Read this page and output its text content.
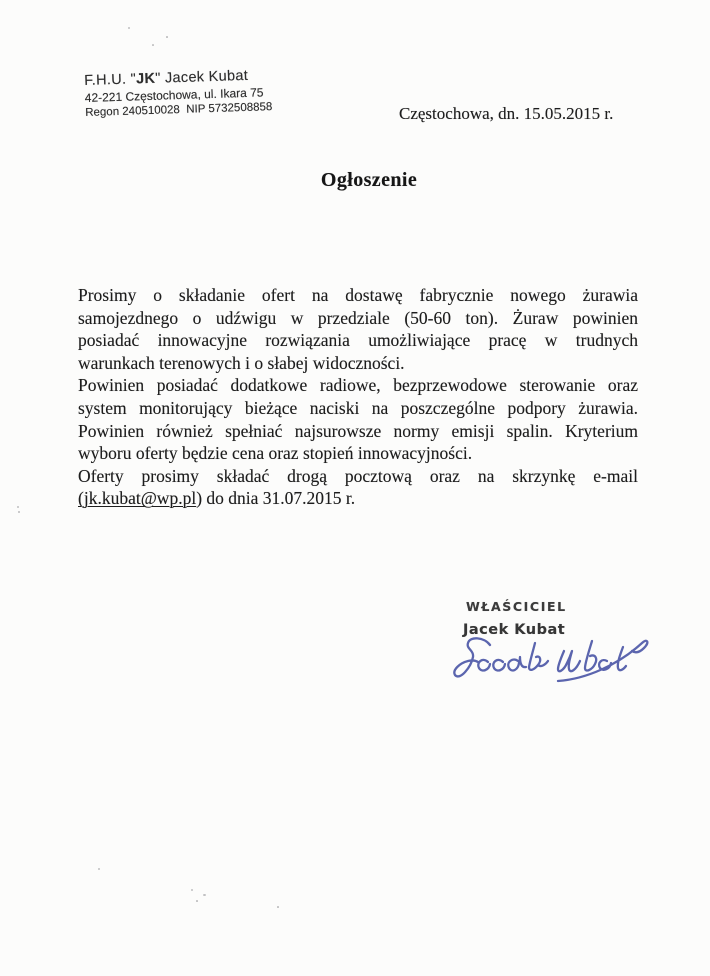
F.H.U. "JK" Jacek Kubat
42-221 Częstochowa, ul. Ikara 75
Regon 240510028  NIP 5732508858	Częstochowa, dn. 15.05.2015 r.
Ogłoszenie
Prosimy o składanie ofert na dostawę fabrycznie nowego żurawia
samojezdnego o udźwigu w przedziale (50-60 ton). Żuraw powinien
posiadać innowacyjne rozwiązania umożliwiające pracę w trudnych
warunkach terenowych i o słabej widoczności.
Powinien posiadać dodatkowe radiowe, bezprzewodowe sterowanie oraz
system monitorujący bieżące naciski na poszczególne podpory żurawia.
Powinien również spełniać najsurowsze normy emisji spalin. Kryterium
wyboru oferty będzie cena oraz stopień innowacyjności.
Oferty prosimy składać drogą pocztową oraz na skrzynkę e-mail
(jk.kubat@wp.pl) do dnia 31.07.2015 r.
WŁAŚCICIEL
Jacek Kubat
